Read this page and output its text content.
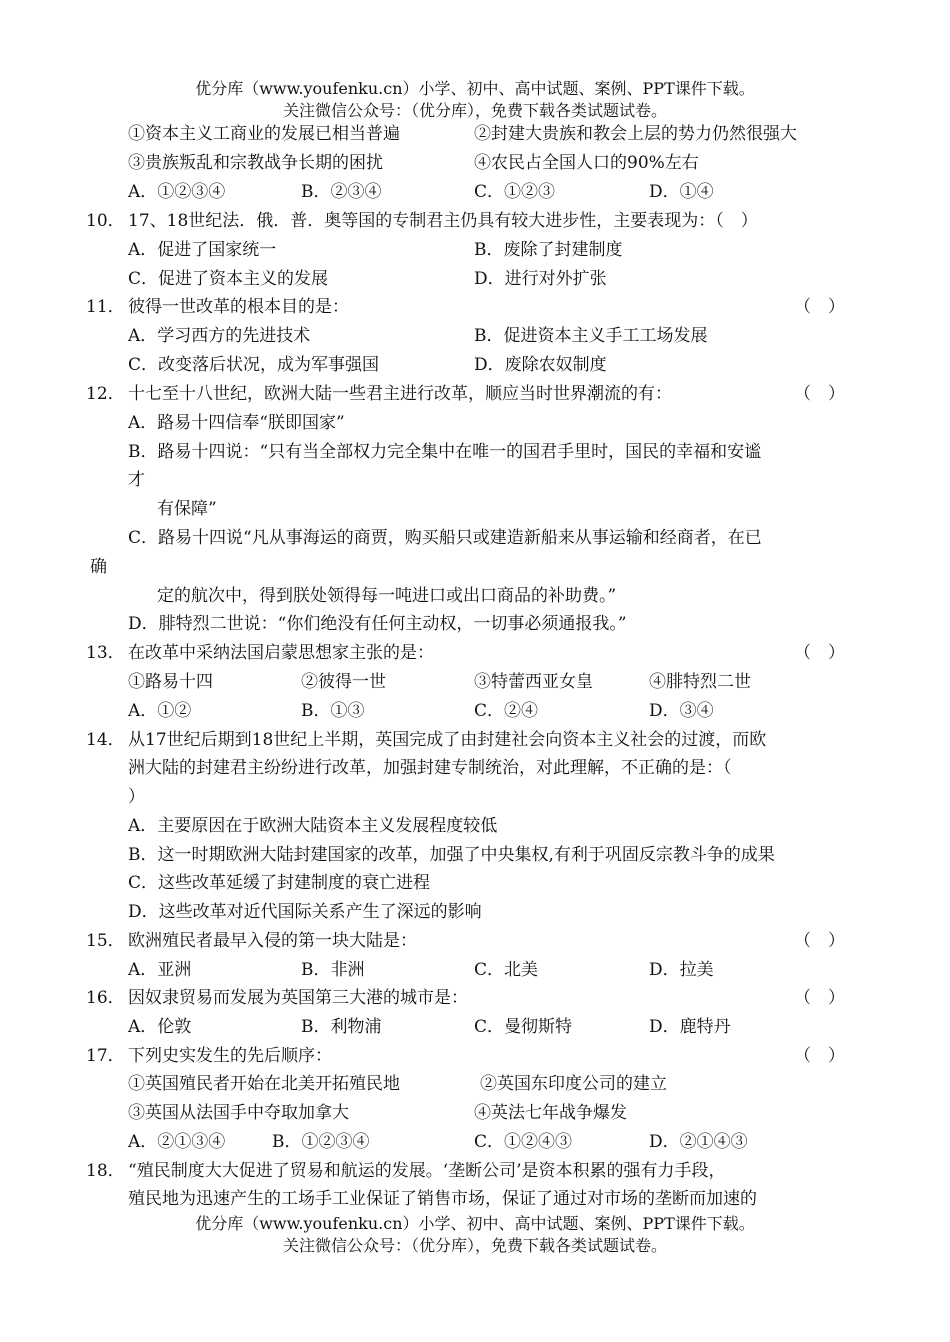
优分库（www.youfenku.cn）小学、初中、高中试题、案例、PPT课件下载。
关注微信公众号：（优分库），免费下载各类试题试卷。
①资本主义工商业的发展已相当普遍	②封建大贵族和教会上层的势力仍然很强大
③贵族叛乱和宗教战争长期的困扰	④农民占全国人口的90%左右
A．①②③④	B．②③④	C．①②③	D．①④
10． 17、18世纪法．俄．普．奥等国的专制君主仍具有较大进步性，主要表现为：（　）
A．促进了国家统一	B．废除了封建制度
C．促进了资本主义的发展	D．进行对外扩张
11． 彼得一世改革的根本目的是：	（　）
A．学习西方的先进技术	B．促进资本主义手工工场发展
C．改变落后状况，成为军事强国	D．废除农奴制度
12． 十七至十八世纪，欧洲大陆一些君主进行改革，顺应当时世界潮流的有：	（　）
A．路易十四信奉“朕即国家”
B．路易十四说：“只有当全部权力完全集中在唯一的国君手里时，国民的幸福和安谧
才
有保障”
C．路易十四说“凡从事海运的商贾，购买船只或建造新船来从事运输和经商者，在已
确
定的航次中，得到朕处领得每一吨进口或出口商品的补助费。”
D．腓特烈二世说：“你们绝没有任何主动权，一切事必须通报我。”
13． 在改革中采纳法国启蒙思想家主张的是：	（　）
①路易十四	②彼得一世	③特蕾西亚女皇	④腓特烈二世
A．①②	B．①③	C．②④	D．③④
14． 从17世纪后期到18世纪上半期，英国完成了由封建社会向资本主义社会的过渡，而欧
洲大陆的封建君主纷纷进行改革，加强封建专制统治，对此理解，不正确的是：（
）
A．主要原因在于欧洲大陆资本主义发展程度较低
B．这一时期欧洲大陆封建国家的改革，加强了中央集权,有利于巩固反宗教斗争的成果
C．这些改革延缓了封建制度的衰亡进程
D．这些改革对近代国际关系产生了深远的影响
15． 欧洲殖民者最早入侵的第一块大陆是：	（　）
A．亚洲	B．非洲	C．北美	D．拉美
16． 因奴隶贸易而发展为英国第三大港的城市是：	（　）
A．伦敦	B．利物浦	C．曼彻斯特	D．鹿特丹
17． 下列史实发生的先后顺序：	（　）
①英国殖民者开始在北美开拓殖民地	②英国东印度公司的建立
③英国从法国手中夺取加拿大	④英法七年战争爆发
A．②①③④	B．①②③④	C．①②④③	D．②①④③
18． “殖民制度大大促进了贸易和航运的发展。‘垄断公司’是资本积累的强有力手段，
殖民地为迅速产生的工场手工业保证了销售市场，保证了通过对市场的垄断而加速的
优分库（www.youfenku.cn）小学、初中、高中试题、案例、PPT课件下载。
关注微信公众号：（优分库），免费下载各类试题试卷。
